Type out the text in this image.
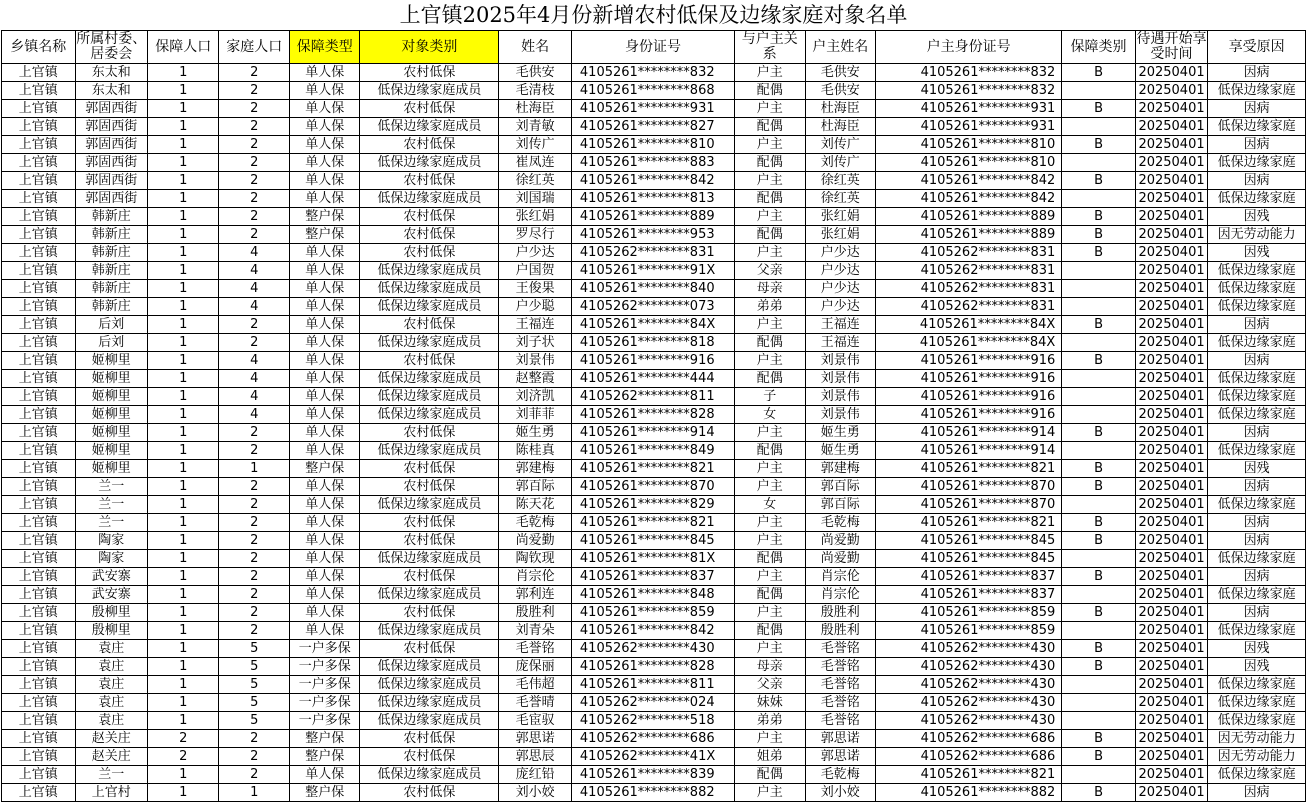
上官镇2025年4月份新增农村低保及边缘家庭对象名单
乡镇名称	所属村委、居委会	保障人口	家庭人口	保障类型	对象类别	姓名	身份证号	与户主关系	户主姓名	户主身份证号	保障类别	待遇开始享受时间	享受原因
上官镇	东太和	1	2	单人保	农村低保	毛供安	4105261********832	户主	毛供安	4105261********832	B	20250401	因病
上官镇	东太和	1	2	单人保	低保边缘家庭成员	毛清枝	4105261********868	配偶	毛供安	4105261********832		20250401	低保边缘家庭
上官镇	郭固西街	1	2	单人保	农村低保	杜海臣	4105261********931	户主	杜海臣	4105261********931	B	20250401	因病
上官镇	郭固西街	1	2	单人保	低保边缘家庭成员	刘青敏	4105261********827	配偶	杜海臣	4105261********931		20250401	低保边缘家庭
上官镇	郭固西街	1	2	单人保	农村低保	刘传广	4105261********810	户主	刘传广	4105261********810	B	20250401	因病
上官镇	郭固西街	1	2	单人保	低保边缘家庭成员	崔凤连	4105261********883	配偶	刘传广	4105261********810		20250401	低保边缘家庭
上官镇	郭固西街	1	2	单人保	农村低保	徐红英	4105261********842	户主	徐红英	4105261********842	B	20250401	因病
上官镇	郭固西街	1	2	单人保	低保边缘家庭成员	刘国瑞	4105261********813	配偶	徐红英	4105261********842		20250401	低保边缘家庭
上官镇	韩新庄	1	2	整户保	农村低保	张红娟	4105261********889	户主	张红娟	4105261********889	B	20250401	因残
上官镇	韩新庄	1	2	整户保	农村低保	罗尽行	4105261********953	配偶	张红娟	4105261********889	B	20250401	因无劳动能力
上官镇	韩新庄	1	4	单人保	农村低保	户少达	4105262********831	户主	户少达	4105262********831	B	20250401	因残
上官镇	韩新庄	1	4	单人保	低保边缘家庭成员	户国贺	4105261********91X	父亲	户少达	4105262********831		20250401	低保边缘家庭
上官镇	韩新庄	1	4	单人保	低保边缘家庭成员	王俊果	4105261********840	母亲	户少达	4105262********831		20250401	低保边缘家庭
上官镇	韩新庄	1	4	单人保	低保边缘家庭成员	户少聪	4105262********073	弟弟	户少达	4105262********831		20250401	低保边缘家庭
上官镇	后刘	1	2	单人保	农村低保	王福连	4105261********84X	户主	王福连	4105261********84X	B	20250401	因病
上官镇	后刘	1	2	单人保	低保边缘家庭成员	刘子状	4105261********818	配偶	王福连	4105261********84X		20250401	低保边缘家庭
上官镇	姬柳里	1	4	单人保	农村低保	刘景伟	4105261********916	户主	刘景伟	4105261********916	B	20250401	因病
上官镇	姬柳里	1	4	单人保	低保边缘家庭成员	赵整霞	4105261********444	配偶	刘景伟	4105261********916		20250401	低保边缘家庭
上官镇	姬柳里	1	4	单人保	低保边缘家庭成员	刘济凯	4105262********811	子	刘景伟	4105261********916		20250401	低保边缘家庭
上官镇	姬柳里	1	4	单人保	低保边缘家庭成员	刘菲菲	4105261********828	女	刘景伟	4105261********916		20250401	低保边缘家庭
上官镇	姬柳里	1	2	单人保	农村低保	姬生勇	4105261********914	户主	姬生勇	4105261********914	B	20250401	因病
上官镇	姬柳里	1	2	单人保	低保边缘家庭成员	陈桂真	4105261********849	配偶	姬生勇	4105261********914		20250401	低保边缘家庭
上官镇	姬柳里	1	1	整户保	农村低保	郭建梅	4105261********821	户主	郭建梅	4105261********821	B	20250401	因残
上官镇	兰一	1	2	单人保	农村低保	郭百际	4105261********870	户主	郭百际	4105261********870	B	20250401	因病
上官镇	兰一	1	2	单人保	低保边缘家庭成员	陈天花	4105261********829	女	郭百际	4105261********870		20250401	低保边缘家庭
上官镇	兰一	1	2	单人保	农村低保	毛乾梅	4105261********821	户主	毛乾梅	4105261********821	B	20250401	因病
上官镇	陶家	1	2	单人保	农村低保	尚爱勤	4105261********845	户主	尚爱勤	4105261********845	B	20250401	因病
上官镇	陶家	1	2	单人保	低保边缘家庭成员	陶钦现	4105261********81X	配偶	尚爱勤	4105261********845		20250401	低保边缘家庭
上官镇	武安寨	1	2	单人保	农村低保	肖宗伦	4105261********837	户主	肖宗伦	4105261********837	B	20250401	因病
上官镇	武安寨	1	2	单人保	低保边缘家庭成员	郭利连	4105261********848	配偶	肖宗伦	4105261********837		20250401	低保边缘家庭
上官镇	殷柳里	1	2	单人保	农村低保	殷胜利	4105261********859	户主	殷胜利	4105261********859	B	20250401	因病
上官镇	殷柳里	1	2	单人保	低保边缘家庭成员	刘青朵	4105261********842	配偶	殷胜利	4105261********859		20250401	低保边缘家庭
上官镇	袁庄	1	5	一户多保	农村低保	毛誉铭	4105262********430	户主	毛誉铭	4105262********430	B	20250401	因残
上官镇	袁庄	1	5	一户多保	低保边缘家庭成员	庞保丽	4105261********828	母亲	毛誉铭	4105262********430	B	20250401	因残
上官镇	袁庄	1	5	一户多保	低保边缘家庭成员	毛伟超	4105261********811	父亲	毛誉铭	4105262********430		20250401	低保边缘家庭
上官镇	袁庄	1	5	一户多保	低保边缘家庭成员	毛誉晴	4105262********024	妹妹	毛誉铭	4105262********430		20250401	低保边缘家庭
上官镇	袁庄	1	5	一户多保	低保边缘家庭成员	毛宦驭	4105262********518	弟弟	毛誉铭	4105262********430		20250401	低保边缘家庭
上官镇	赵关庄	2	2	整户保	农村低保	郭思诺	4105262********686	户主	郭思诺	4105262********686	B	20250401	因无劳动能力
上官镇	赵关庄	2	2	整户保	农村低保	郭思辰	4105262********41X	姐弟	郭思诺	4105262********686	B	20250401	因无劳动能力
上官镇	兰一	1	2	单人保	低保边缘家庭成员	庞红铅	4105261********839	配偶	毛乾梅	4105261********821		20250401	低保边缘家庭
上官镇	上官村	1	1	整户保	农村低保	刘小姣	4105261********882	户主	刘小姣	4105261********882	B	20250401	因病
